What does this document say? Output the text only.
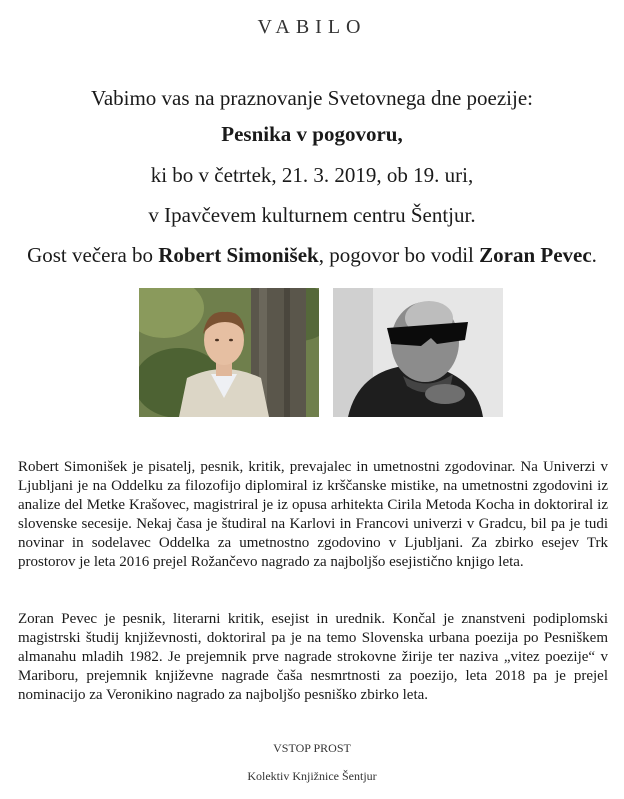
VABILO
Vabimo vas na praznovanje Svetovnega dne poezije:
Pesnika v pogovoru,
ki bo v četrtek, 21. 3. 2019, ob 19. uri,
v Ipavčevem kulturnem centru Šentjur.
Gost večera bo Robert Simonišek, pogovor bo vodil Zoran Pevec.

Robert Simonišek je pisatelj, pesnik, kritik, prevajalec in umetnostni zgodovinar. Na Univerzi v Ljubljani je na Oddelku za filozofijo diplomiral iz krščanske mistike, na umetnostni zgodovini iz analize del Metke Krašovec, magistriral je iz opusa arhitekta Cirila Metoda Kocha in doktoriral iz slovenske secesije. Nekaj časa je študiral na Karlovi in Francovi univerzi v Gradcu, bil pa je tudi novinar in sodelavec Oddelka za umetnostno zgodovino v Ljubljani. Za zbirko esejev Trk prostorov je leta 2016 prejel Rožančevo nagrado za najboljšo esejistično knjigo leta.

Zoran Pevec je pesnik, literarni kritik, esejist in urednik. Končal je znanstveni podiplomski magistrski študij književnosti, doktoriral pa je na temo Slovenska urbana poezija po Pesniškem almanahu mladih 1982. Je prejemnik prve nagrade strokovne žirije ter naziva „vitez poezije“ v Mariboru, prejemnik književne nagrade čaša nesmrtnosti za poezijo, leta 2018 pa je prejel nominacijo za Veronikino nagrado za najboljšo pesniško zbirko leta.

VSTOP PROST
Kolektiv Knjižnice Šentjur
